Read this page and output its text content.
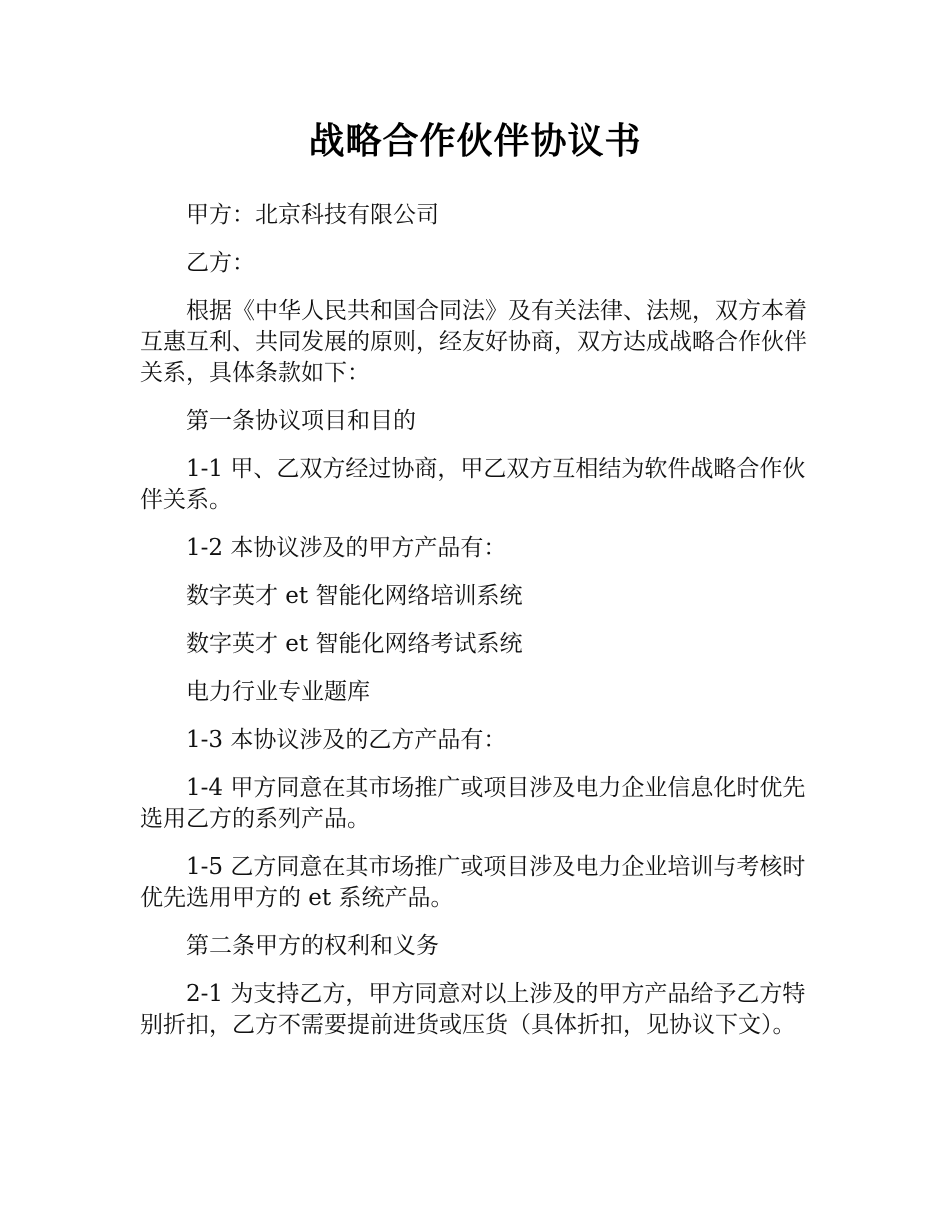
战略合作伙伴协议书

甲方：北京科技有限公司

乙方：

根据《中华人民共和国合同法》及有关法律、法规，双方本着互惠互利、共同发展的原则，经友好协商，双方达成战略合作伙伴关系，具体条款如下：

第一条协议项目和目的

1-1 甲、乙双方经过协商，甲乙双方互相结为软件战略合作伙伴关系。

1-2 本协议涉及的甲方产品有：

数字英才 et 智能化网络培训系统

数字英才 et 智能化网络考试系统

电力行业专业题库

1-3 本协议涉及的乙方产品有：

1-4 甲方同意在其市场推广或项目涉及电力企业信息化时优先选用乙方的系列产品。

1-5 乙方同意在其市场推广或项目涉及电力企业培训与考核时优先选用甲方的 et 系统产品。

第二条甲方的权利和义务

2-1 为支持乙方，甲方同意对以上涉及的甲方产品给予乙方特别折扣，乙方不需要提前进货或压货（具体折扣，见协议下文）。
